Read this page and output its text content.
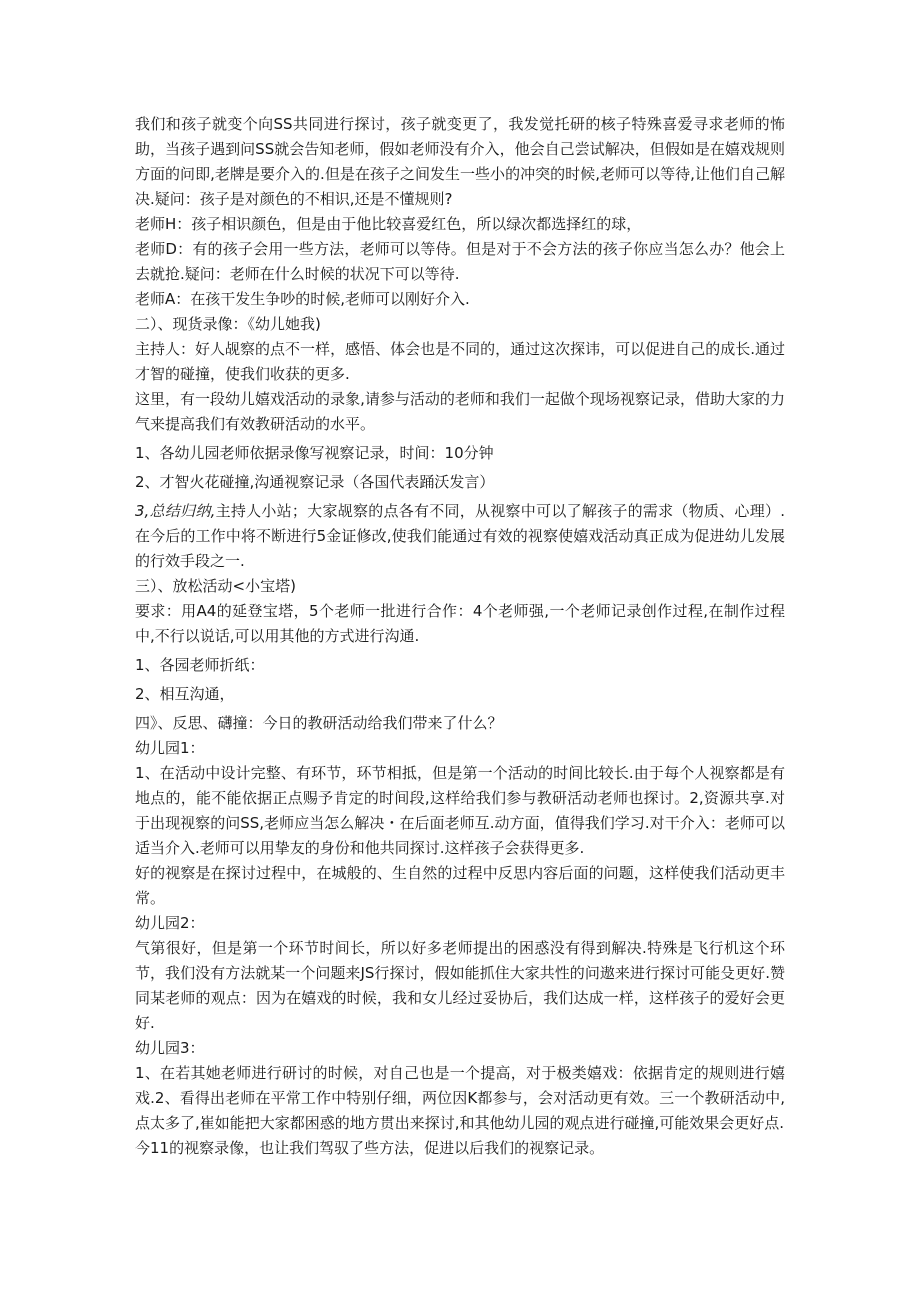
我们和孩子就变个向SS共同进行探讨，孩子就变更了，我发觉托研的核子特殊喜爱寻求老师的怖助，当孩子遇到问SS就会告知老师，假如老师没有介入，他会自己尝试解决，但假如是在嬉戏规则方面的问即,老牌是要介入的.但是在孩子之间发生一些小的冲突的时候,老师可以等待,让他们自己解决.疑问：孩子是对颜色的不相识,还是不懂规则?

老师H：孩子相识颜色，但是由于他比较喜爱红色，所以绿次都选择红的球，

老师D：有的孩子会用一些方法，老师可以等侍。但是对于不会方法的孩子你应当怎么办？他会上去就抢.疑问：老师在什么时候的状况下可以等待.

老师A：在孩干发生争吵的时候,老师可以刚好介入.

二）、现货录像：《幼儿她我)

主持人：好人觇察的点不一样，感悟、体会也是不同的，通过这次探讳，可以促进自己的成长.通过才智的碰撞，使我们收获的更多.

这里，有一段幼儿嬉戏活动的录象,请参与活动的老师和我们一起做个现场视察记录，借助大家的力气来提高我们有效教研活动的水平。

1、各幼儿园老师依据录像写视察记录，时间：10分钟

2、才智火花碰撞,沟通视察记录（各国代表踊沃发言）

3,总结归纳,主持人小站；大家觇察的点各有不同，从视察中可以了解孩子的需求（物质、心理）.在今后的工作中将不断进行5金证修改,使我们能通过有效的视察使嬉戏活动真正成为促进幼儿发展的行效手段之一.

三）、放松活动<小宝塔)

要求：用A4的延登宝塔，5个老师一批进行合作：4个老师强,一个老师记录创作过程,在制作过程中,不行以说话,可以用其他的方式进行沟通.

1、各园老师折纸：

2、相互沟通，

四》、反思、礴撞：今日的教研活动给我们带来了什么？

幼儿园1：

1、在活动中设计完整、有环节，环节相抵，但是第一个活动的时间比较长.由于每个人视察都是有地点的，能不能依据正点赐予肯定的时间段,这样给我们参与教研活动老师也探讨。2,资源共享.对于出现视察的问SS,老师应当怎么解决・在后面老师互.动方面，值得我们学习.对干介入：老师可以适当介入.老师可以用挚友的身份和他共同探讨.这样孩子会获得更多.

好的视察是在探讨过程中，在城般的、生自然的过程中反思内容后面的问题，这样使我们活动更丰常。

幼儿园2：

气第很好，但是第一个环节时间长，所以好多老师提出的困惑没有得到解决.特殊是飞行机这个环节，我们没有方法就某一个问题来JS行探讨，假如能抓住大家共性的问遨来进行探讨可能殳更好.赞同某老师的观点：因为在嬉戏的时候，我和女儿经过妥协后，我们达成一样，这样孩子的爱好会更好.

幼儿园3：

1、在若其她老师进行研讨的时候，对自己也是一个提高，对于极类嬉戏：依据肯定的规则进行嬉戏.2、看得出老师在平常工作中特别仔细，两位因K都参与，会对活动更有效。三一个教研活动中,点太多了,崔如能把大家都困惑的地方贯出来探讨,和其他幼儿园的观点进行碰撞,可能效果会更好点.

今11的视察录像，也让我们驾驭了些方法，促进以后我们的视察记录。
